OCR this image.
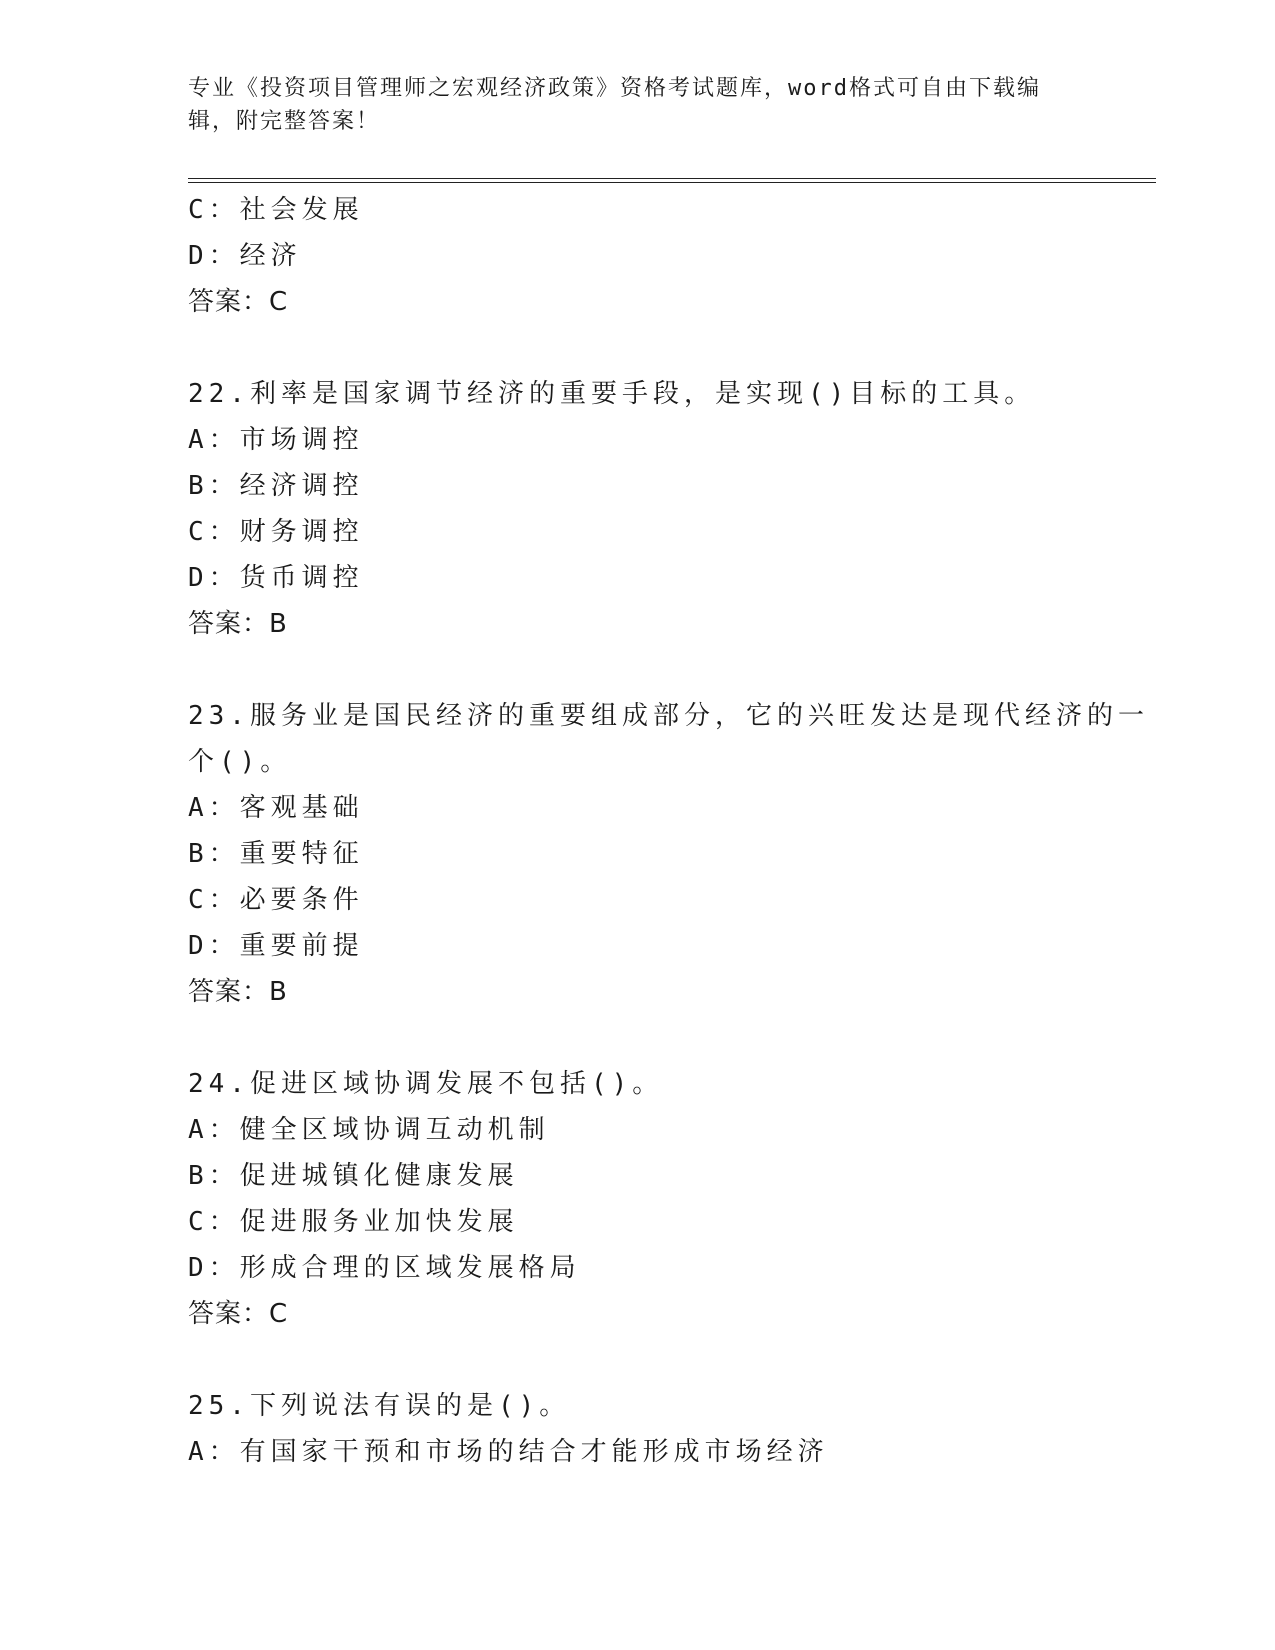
专业《投资项目管理师之宏观经济政策》资格考试题库，word格式可自由下载编
辑，附完整答案！
C：社会发展
D：经济
答案：C
22.利率是国家调节经济的重要手段，是实现()目标的工具。
A：市场调控
B：经济调控
C：财务调控
D：货币调控
答案：B
23.服务业是国民经济的重要组成部分，它的兴旺发达是现代经济的一
个()。
A：客观基础
B：重要特征
C：必要条件
D：重要前提
答案：B
24.促进区域协调发展不包括()。
A：健全区域协调互动机制
B：促进城镇化健康发展
C：促进服务业加快发展
D：形成合理的区域发展格局
答案：C
25.下列说法有误的是()。
A：有国家干预和市场的结合才能形成市场经济
